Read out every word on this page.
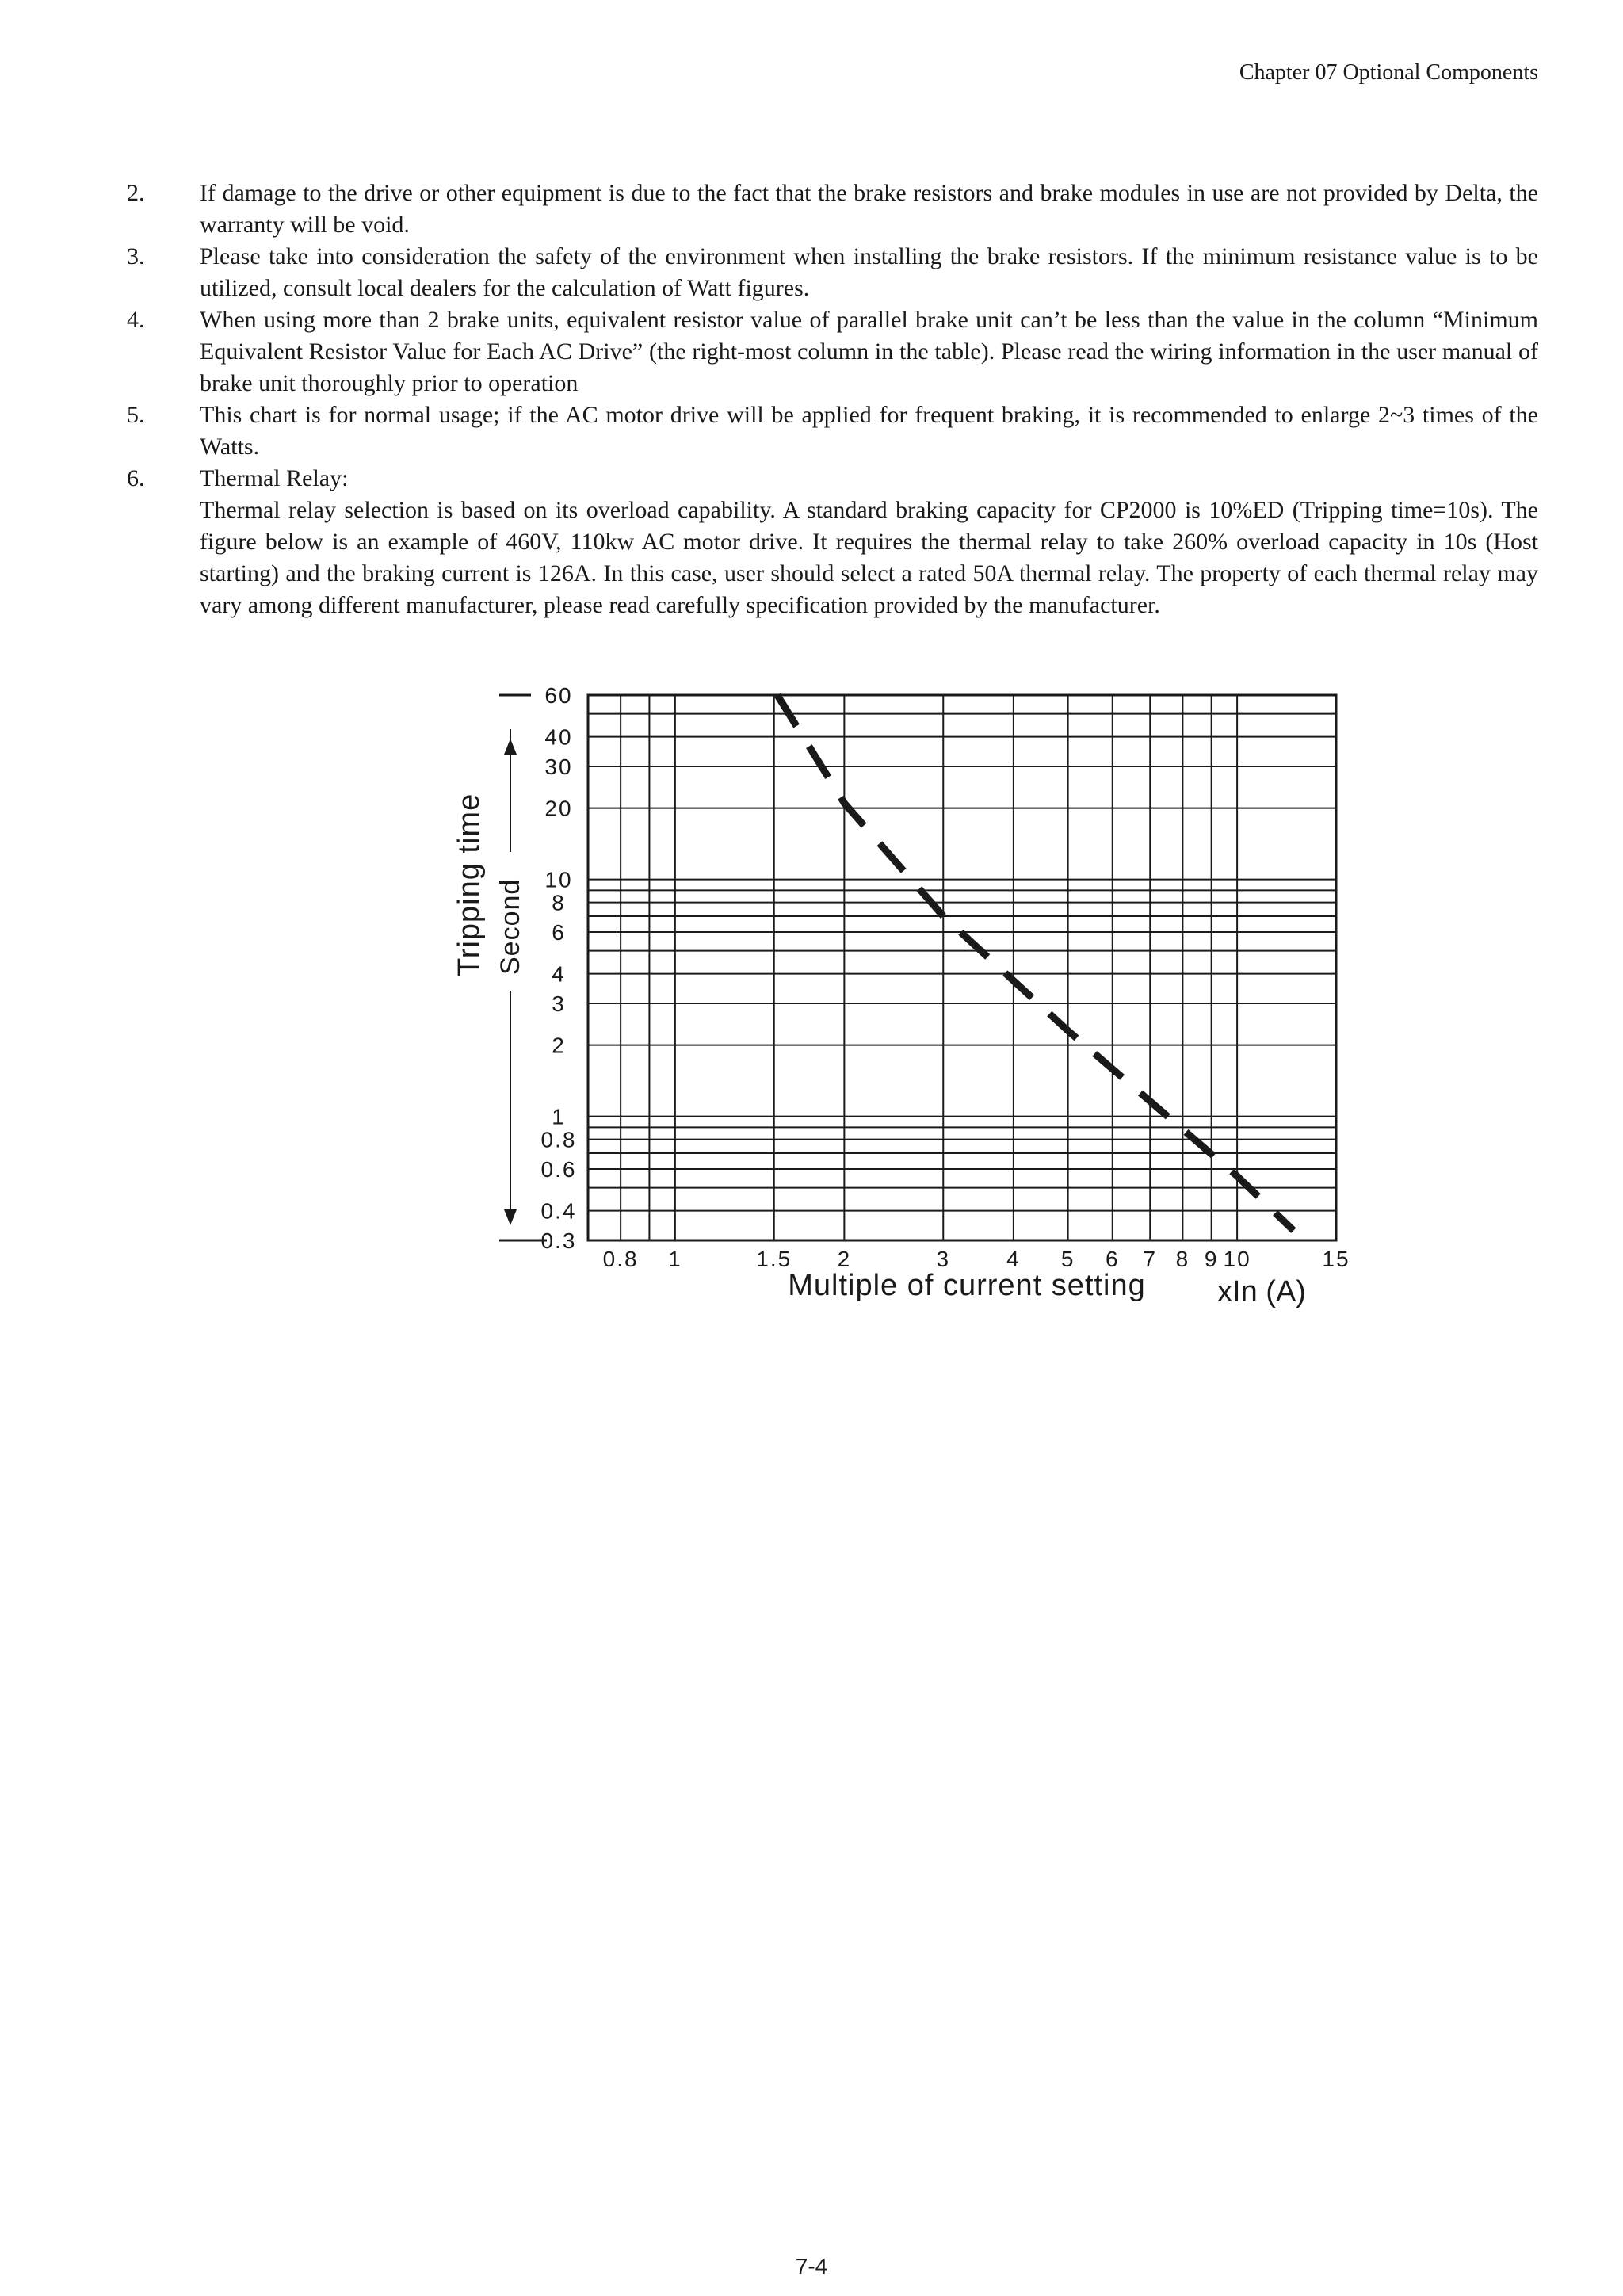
Chapter 07 Optional Components
2.	If damage to the drive or other equipment is due to the fact that the brake resistors and brake modules in use are not provided by Delta, the warranty will be void.

3.	Please take into consideration the safety of the environment when installing the brake resistors. If the minimum resistance value is to be utilized, consult local dealers for the calculation of Watt figures.

4.	When using more than 2 brake units, equivalent resistor value of parallel brake unit can’t be less than the value in the column “Minimum Equivalent Resistor Value for Each AC Drive” (the right-most column in the table). Please read the wiring information in the user manual of brake unit thoroughly prior to operation

5.	This chart is for normal usage; if the AC motor drive will be applied for frequent braking, it is recommended to enlarge 2~3 times of the Watts.

6.	Thermal Relay:

Thermal relay selection is based on its overload capability. A standard braking capacity for CP2000 is 10%ED (Tripping time=10s). The figure below is an example of 460V, 110kw AC motor drive. It requires the thermal relay to take 260% overload capacity in 10s (Host starting) and the braking current is 126A. In this case, user should select a rated 50A thermal relay. The property of each thermal relay may vary among different manufacturer, please read carefully specification provided by the manufacturer.

60
40
30
20
10
8
6
4
3
2
1
0.8
0.6
0.4
0.3
0.8 1	1.5 2	3	4 5 6 7 8 9 10	15
Tripping time Second
Multiple of current setting xIn (A)
7-4
